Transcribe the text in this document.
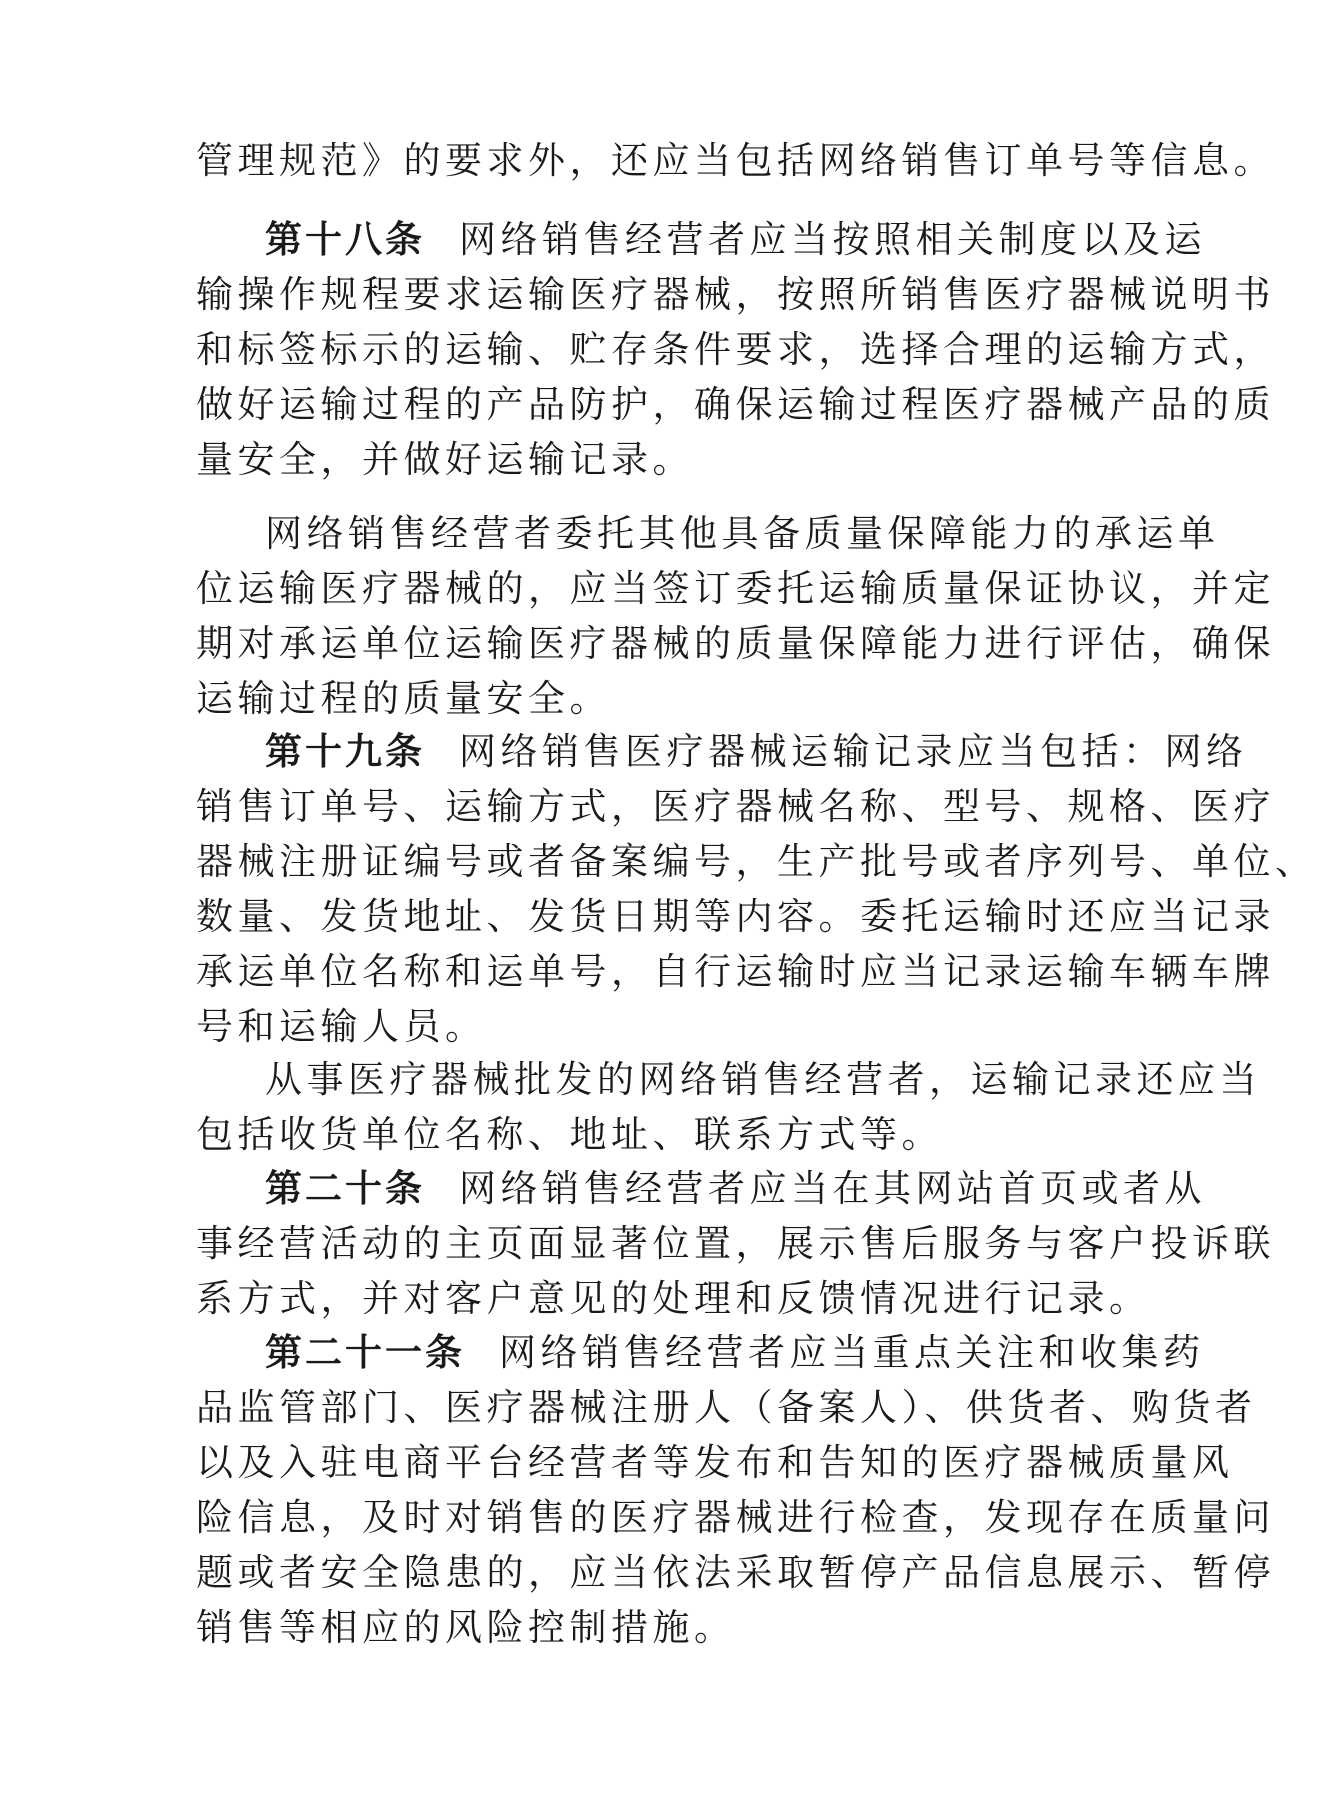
管理规范》的要求外，还应当包括网络销售订单号等信息。
第十八条 网络销售经营者应当按照相关制度以及运
输操作规程要求运输医疗器械，按照所销售医疗器械说明书
和标签标示的运输、贮存条件要求，选择合理的运输方式，
做好运输过程的产品防护，确保运输过程医疗器械产品的质
量安全，并做好运输记录。
网络销售经营者委托其他具备质量保障能力的承运单
位运输医疗器械的，应当签订委托运输质量保证协议，并定
期对承运单位运输医疗器械的质量保障能力进行评估，确保
运输过程的质量安全。
第十九条 网络销售医疗器械运输记录应当包括：网络
销售订单号、运输方式，医疗器械名称、型号、规格、医疗
器械注册证编号或者备案编号，生产批号或者序列号、单位、
数量、发货地址、发货日期等内容。委托运输时还应当记录
承运单位名称和运单号，自行运输时应当记录运输车辆车牌
号和运输人员。
从事医疗器械批发的网络销售经营者，运输记录还应当
包括收货单位名称、地址、联系方式等。
第二十条 网络销售经营者应当在其网站首页或者从
事经营活动的主页面显著位置，展示售后服务与客户投诉联
系方式，并对客户意见的处理和反馈情况进行记录。
第二十一条 网络销售经营者应当重点关注和收集药
品监管部门、医疗器械注册人（备案人）、供货者、购货者
以及入驻电商平台经营者等发布和告知的医疗器械质量风
险信息，及时对销售的医疗器械进行检查，发现存在质量问
题或者安全隐患的，应当依法采取暂停产品信息展示、暂停
销售等相应的风险控制措施。
